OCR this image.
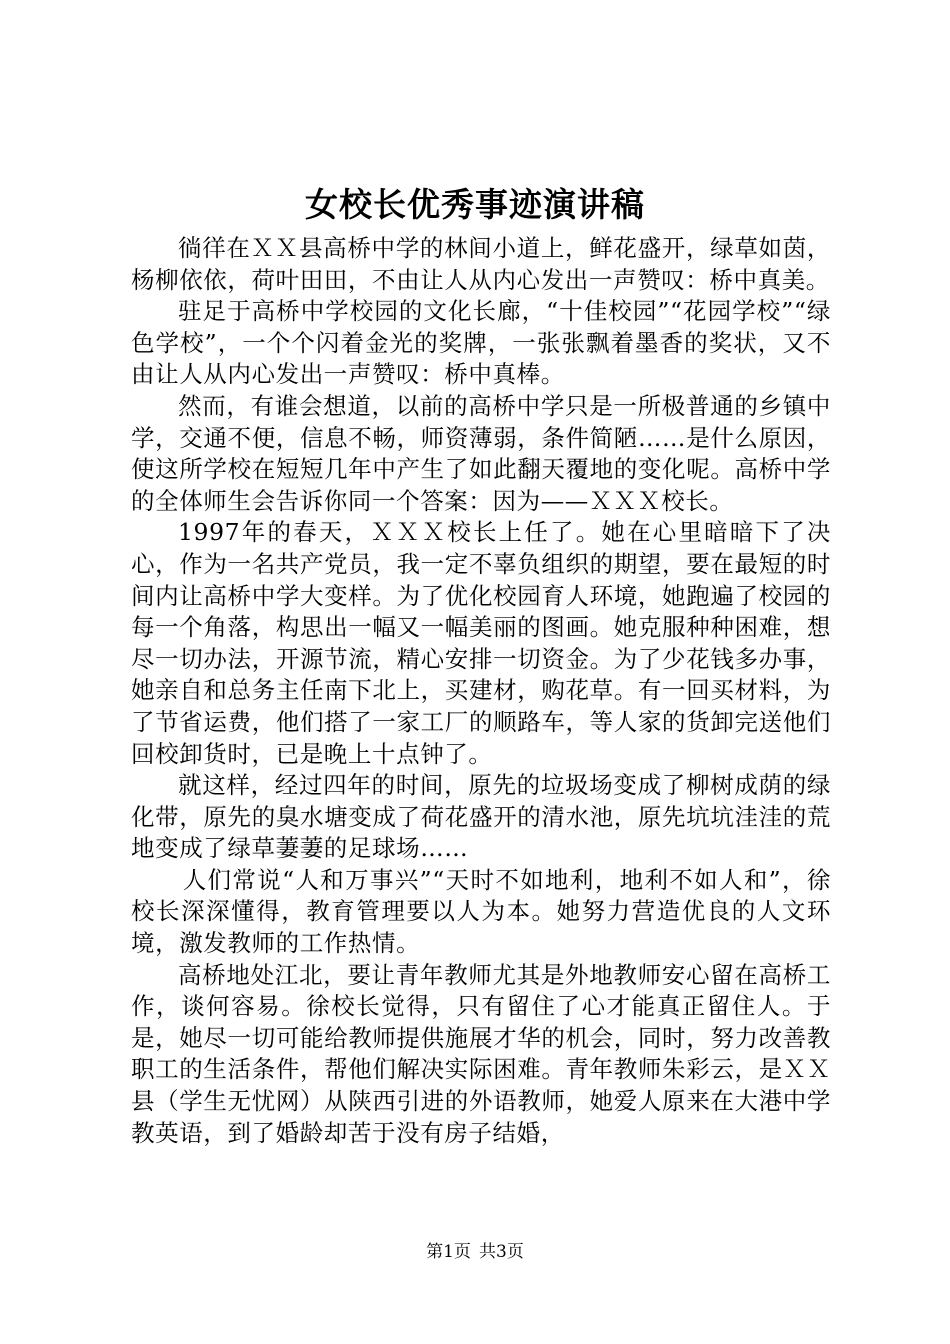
女校长优秀事迹演讲稿

徜徉在ＸＸ县高桥中学的林间小道上，鲜花盛开，绿草如茵，杨柳依依，荷叶田田，不由让人从内心发出一声赞叹：桥中真美。

驻足于高桥中学校园的文化长廊，“十佳校园”“花园学校”“绿色学校”，一个个闪着金光的奖牌，一张张飘着墨香的奖状，又不由让人从内心发出一声赞叹：桥中真棒。

然而，有谁会想道，以前的高桥中学只是一所极普通的乡镇中学，交通不便，信息不畅，师资薄弱，条件简陋……是什么原因，使这所学校在短短几年中产生了如此翻天覆地的变化呢。高桥中学的全体师生会告诉你同一个答案：因为——ＸＸＸ校长。

1997年的春天，ＸＸＸ校长上任了。她在心里暗暗下了决心，作为一名共产党员，我一定不辜负组织的期望，要在最短的时间内让高桥中学大变样。为了优化校园育人环境，她跑遍了校园的每一个角落，构思出一幅又一幅美丽的图画。她克服种种困难，想尽一切办法，开源节流，精心安排一切资金。为了少花钱多办事，她亲自和总务主任南下北上，买建材，购花草。有一回买材料，为了节省运费，他们搭了一家工厂的顺路车，等人家的货卸完送他们回校卸货时，已是晚上十点钟了。

就这样，经过四年的时间，原先的垃圾场变成了柳树成荫的绿化带，原先的臭水塘变成了荷花盛开的清水池，原先坑坑洼洼的荒地变成了绿草萋萋的足球场……

人们常说“人和万事兴”“天时不如地利，地利不如人和”，徐校长深深懂得，教育管理要以人为本。她努力营造优良的人文环境，激发教师的工作热情。

高桥地处江北，要让青年教师尤其是外地教师安心留在高桥工作，谈何容易。徐校长觉得，只有留住了心才能真正留住人。于是，她尽一切可能给教师提供施展才华的机会，同时，努力改善教职工的生活条件，帮他们解决实际困难。青年教师朱彩云，是ＸＸ县（学生无忧网）从陕西引进的外语教师，她爱人原来在大港中学教英语，到了婚龄却苦于没有房子结婚，

第1页 共3页
